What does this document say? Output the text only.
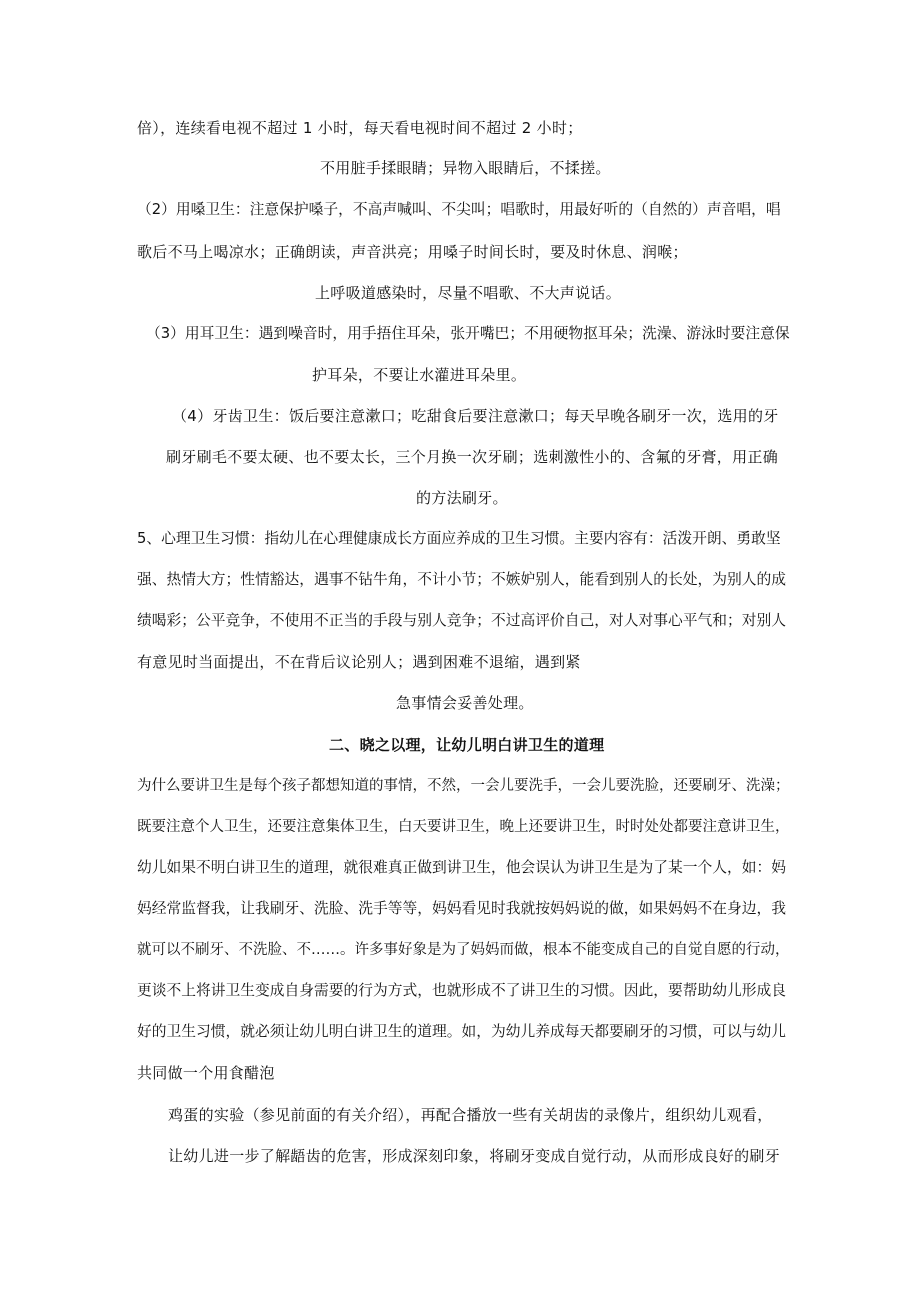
倍），连续看电视不超过 1 小时，每天看电视时间不超过 2 小时；
不用脏手揉眼睛；异物入眼睛后，不揉搓。
（2）用嗓卫生：注意保护嗓子，不高声喊叫、不尖叫；唱歌时，用最好听的（自然的）声音唱，唱
歌后不马上喝凉水；正确朗读，声音洪亮；用嗓子时间长时，要及时休息、润喉；
上呼吸道感染时，尽量不唱歌、不大声说话。
（3）用耳卫生：遇到噪音时，用手捂住耳朵，张开嘴巴；不用硬物抠耳朵；洗澡、游泳时要注意保
护耳朵，不要让水灌进耳朵里。
（4）牙齿卫生：饭后要注意漱口；吃甜食后要注意漱口；每天早晚各刷牙一次，选用的牙
刷牙刷毛不要太硬、也不要太长，三个月换一次牙刷；选刺激性小的、含氟的牙膏，用正确
的方法刷牙。
5、心理卫生习惯：指幼儿在心理健康成长方面应养成的卫生习惯。主要内容有：活泼开朗、勇敢坚
强、热情大方；性情豁达，遇事不钻牛角，不计小节；不嫉妒别人，能看到别人的长处，为别人的成
绩喝彩；公平竞争，不使用不正当的手段与别人竞争；不过高评价自己，对人对事心平气和；对别人
有意见时当面提出，不在背后议论别人；遇到困难不退缩，遇到紧
急事情会妥善处理。
二、晓之以理，让幼儿明白讲卫生的道理
为什么要讲卫生是每个孩子都想知道的事情，不然，一会儿要洗手，一会儿要洗脸，还要刷牙、洗澡；
既要注意个人卫生，还要注意集体卫生，白天要讲卫生，晚上还要讲卫生，时时处处都要注意讲卫生，
幼儿如果不明白讲卫生的道理，就很难真正做到讲卫生，他会误认为讲卫生是为了某一个人，如：妈
妈经常监督我，让我刷牙、洗脸、洗手等等，妈妈看见时我就按妈妈说的做，如果妈妈不在身边，我
就可以不刷牙、不洗脸、不……。许多事好象是为了妈妈而做，根本不能变成自己的自觉自愿的行动，
更谈不上将讲卫生变成自身需要的行为方式，也就形成不了讲卫生的习惯。因此，要帮助幼儿形成良
好的卫生习惯，就必须让幼儿明白讲卫生的道理。如，为幼儿养成每天都要刷牙的习惯，可以与幼儿
共同做一个用食醋泡
鸡蛋的实验（参见前面的有关介绍），再配合播放一些有关胡齿的录像片，组织幼儿观看，
让幼儿进一步了解龉齿的危害，形成深刻印象，将刷牙变成自觉行动，从而形成良好的刷牙
